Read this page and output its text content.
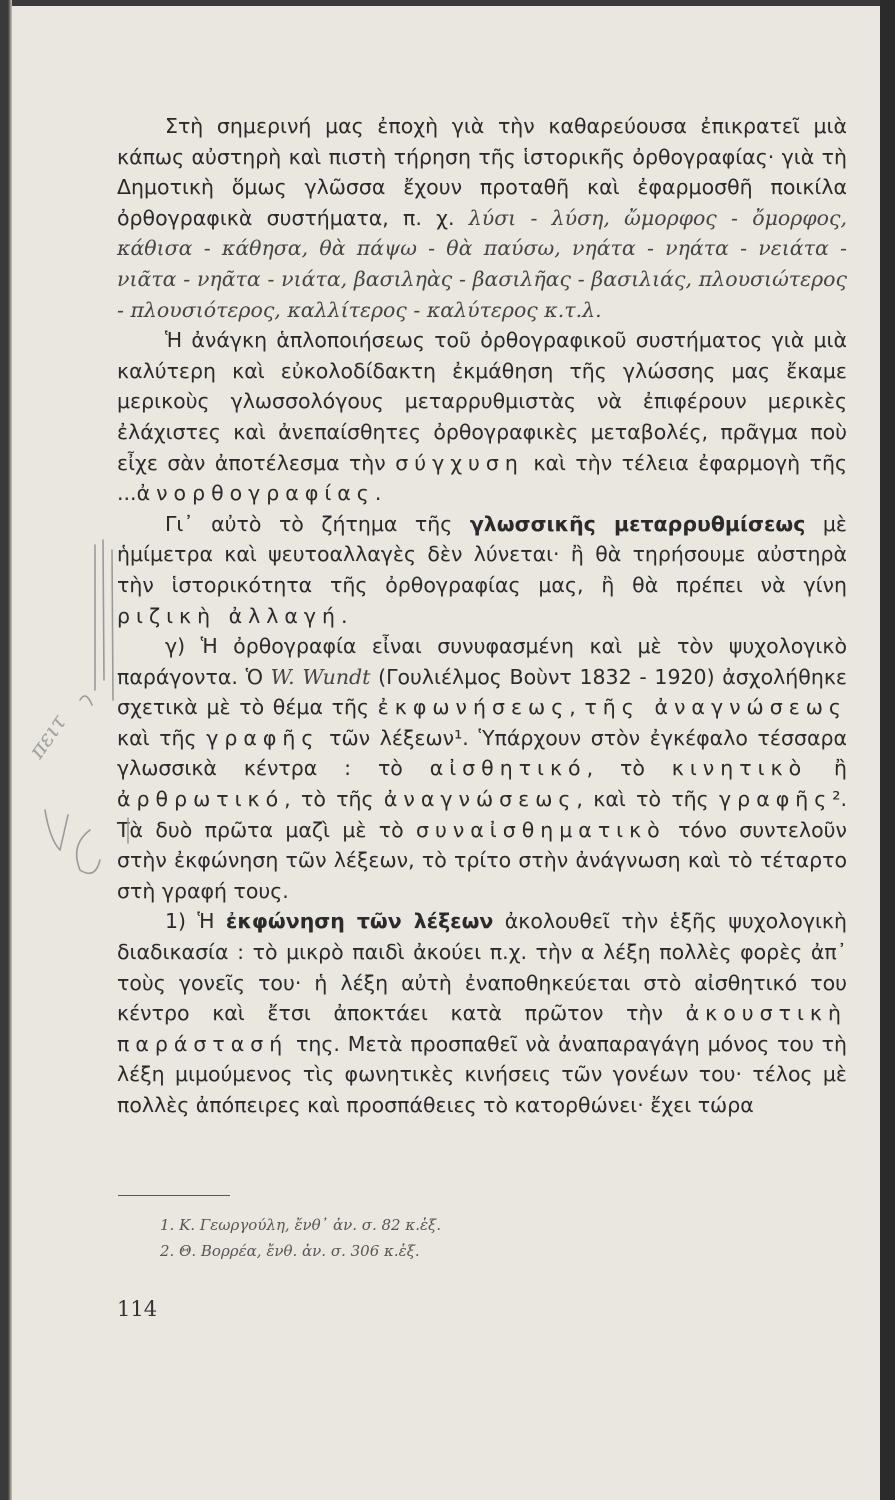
Στὴ σημερινή μας ἐποχὴ γιὰ τὴν καθαρεύουσα ἐπικρατεῖ μιὰ κάπως αὐστηρὴ καὶ πιστὴ τήρηση τῆς ἱστορικῆς ὀρθογραφίας· γιὰ τὴ Δημοτικὴ ὅμως γλῶσσα ἔχουν προταθῆ καὶ ἐφαρμοσθῆ ποικίλα ὀρθογραφικὰ συστήματα, π. χ. λύσι - λύση, ὤμορφος - ὄμορφος, κάθισα - κάθησα, θὰ πάψω - θὰ παύσω, νηάτα - νηάτα - νειάτα - νιᾶτα - νηᾶτα - νιάτα, βασιληὰς - βασιλῆας - βασιλιάς, πλουσιώτερος - πλουσιότερος, καλλίτερος - καλύτερος κ.τ.λ.

Ἡ ἀνάγκη ἁπλοποιήσεως τοῦ ὀρθογραφικοῦ συστήματος γιὰ μιὰ καλύτερη καὶ εὐκολοδίδακτη ἐκμάθηση τῆς γλώσσης μας ἔκαμε μερικοὺς γλωσσολόγους μεταρρυθμιστὰς νὰ ἐπιφέρουν μερικὲς ἐλάχιστες καὶ ἀνεπαίσθητες ὀρθογραφικὲς μεταβολές, πρᾶγμα ποὺ εἶχε σὰν ἀποτέλεσμα τὴν σύγχυση καὶ τὴν τέλεια ἐφαρμογὴ τῆς ...ἀνορθογραφίας.

Γι᾽ αὐτὸ τὸ ζήτημα τῆς γλωσσικῆς μεταρρυθμίσεως μὲ ἡμίμετρα καὶ ψευτοαλλαγὲς δὲν λύνεται· ἢ θὰ τηρήσουμε αὐστηρὰ τὴν ἱστορικότητα τῆς ὀρθογραφίας μας, ἢ θὰ πρέπει νὰ γίνη ριζικὴ ἀλλαγή.

γ) Ἡ ὀρθογραφία εἶναι συνυφασμένη καὶ μὲ τὸν ψυχολογικὸ παράγοντα. Ὁ W. Wundt (Γουλιέλμος Βοὺντ 1832 - 1920) ἀσχολήθηκε σχετικὰ μὲ τὸ θέμα τῆς ἐκφωνήσεως, τῆς ἀναγνώσεως καὶ τῆς γραφῆς τῶν λέξεων¹. Ὑπάρχουν στὸν ἐγκέφαλο τέσσαρα γλωσσικὰ κέντρα : τὸ αἰσθητικό, τὸ κινητικὸ ἢ ἀρθρωτικό, τὸ τῆς ἀναγνώσεως, καὶ τὸ τῆς γραφῆς². Τὰ δυὸ πρῶτα μαζὶ μὲ τὸ συναἰσθηματικὸ τόνο συντελοῦν στὴν ἐκφώνηση τῶν λέξεων, τὸ τρίτο στὴν ἀνάγνωση καὶ τὸ τέταρτο στὴ γραφή τους.

1) Ἡ ἐκφώνηση τῶν λέξεων ἀκολουθεῖ τὴν ἑξῆς ψυχολογικὴ διαδικασία : τὸ μικρὸ παιδὶ ἀκούει π.χ. τὴν α λέξη πολλὲς φορὲς ἀπ᾽ τοὺς γονεῖς του· ἡ λέξη αὐτὴ ἐναποθηκεύεται στὸ αἰσθητικό του κέντρο καὶ ἔτσι ἀποκτάει κατὰ πρῶτον τὴν ἀκουστικὴ παράστασή της. Μετὰ προσπαθεῖ νὰ ἀναπαραγάγη μόνος του τὴ λέξη μιμούμενος τὶς φωνητικὲς κινήσεις τῶν γονέων του· τέλος μὲ πολλὲς ἀπόπειρες καὶ προσπάθειες τὸ κατορθώνει· ἔχει τώρα

1. Κ. Γεωργούλη, ἔνθ᾽ ἀν. σ. 82 κ.ἑξ.
2. Θ. Βορρέα, ἔνθ. ἀν. σ. 306 κ.ἑξ.
114
πειτ
